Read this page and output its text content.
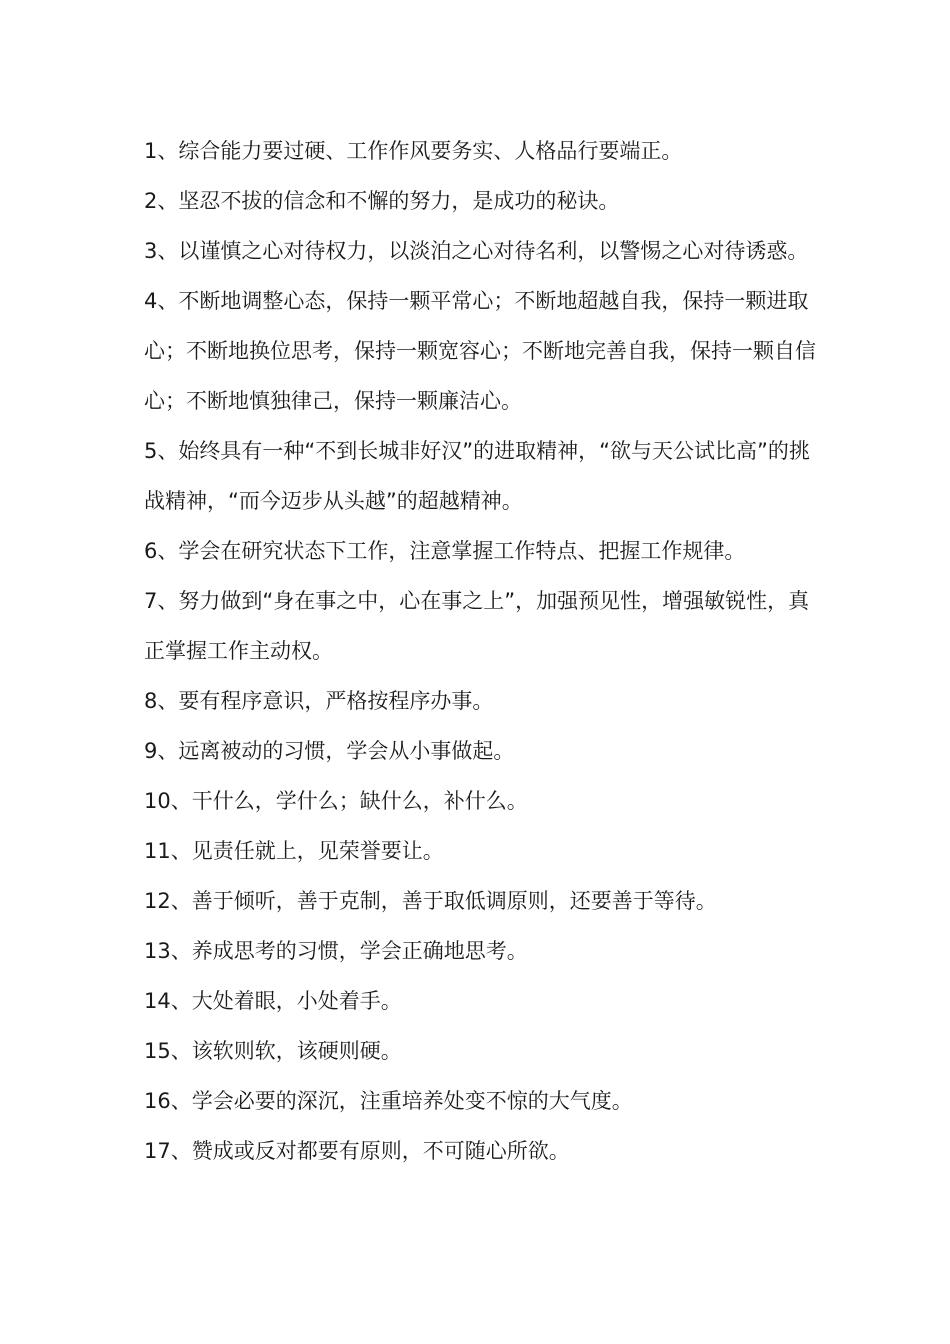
1、综合能力要过硬、工作作风要务实、人格品行要端正。

2、坚忍不拔的信念和不懈的努力，是成功的秘诀。

3、以谨慎之心对待权力，以淡泊之心对待名利，以警惕之心对待诱惑。

4、不断地调整心态，保持一颗平常心；不断地超越自我，保持一颗进取心；不断地换位思考，保持一颗宽容心；不断地完善自我，保持一颗自信心；不断地慎独律己，保持一颗廉洁心。

5、始终具有一种“不到长城非好汉”的进取精神，“欲与天公试比高”的挑战精神，“而今迈步从头越”的超越精神。

6、学会在研究状态下工作，注意掌握工作特点、把握工作规律。

7、努力做到“身在事之中，心在事之上”，加强预见性，增强敏锐性，真正掌握工作主动权。

8、要有程序意识，严格按程序办事。

9、远离被动的习惯，学会从小事做起。

10、干什么，学什么；缺什么，补什么。

11、见责任就上，见荣誉要让。

12、善于倾听，善于克制，善于取低调原则，还要善于等待。

13、养成思考的习惯，学会正确地思考。

14、大处着眼，小处着手。

15、该软则软，该硬则硬。

16、学会必要的深沉，注重培养处变不惊的大气度。

17、赞成或反对都要有原则，不可随心所欲。
